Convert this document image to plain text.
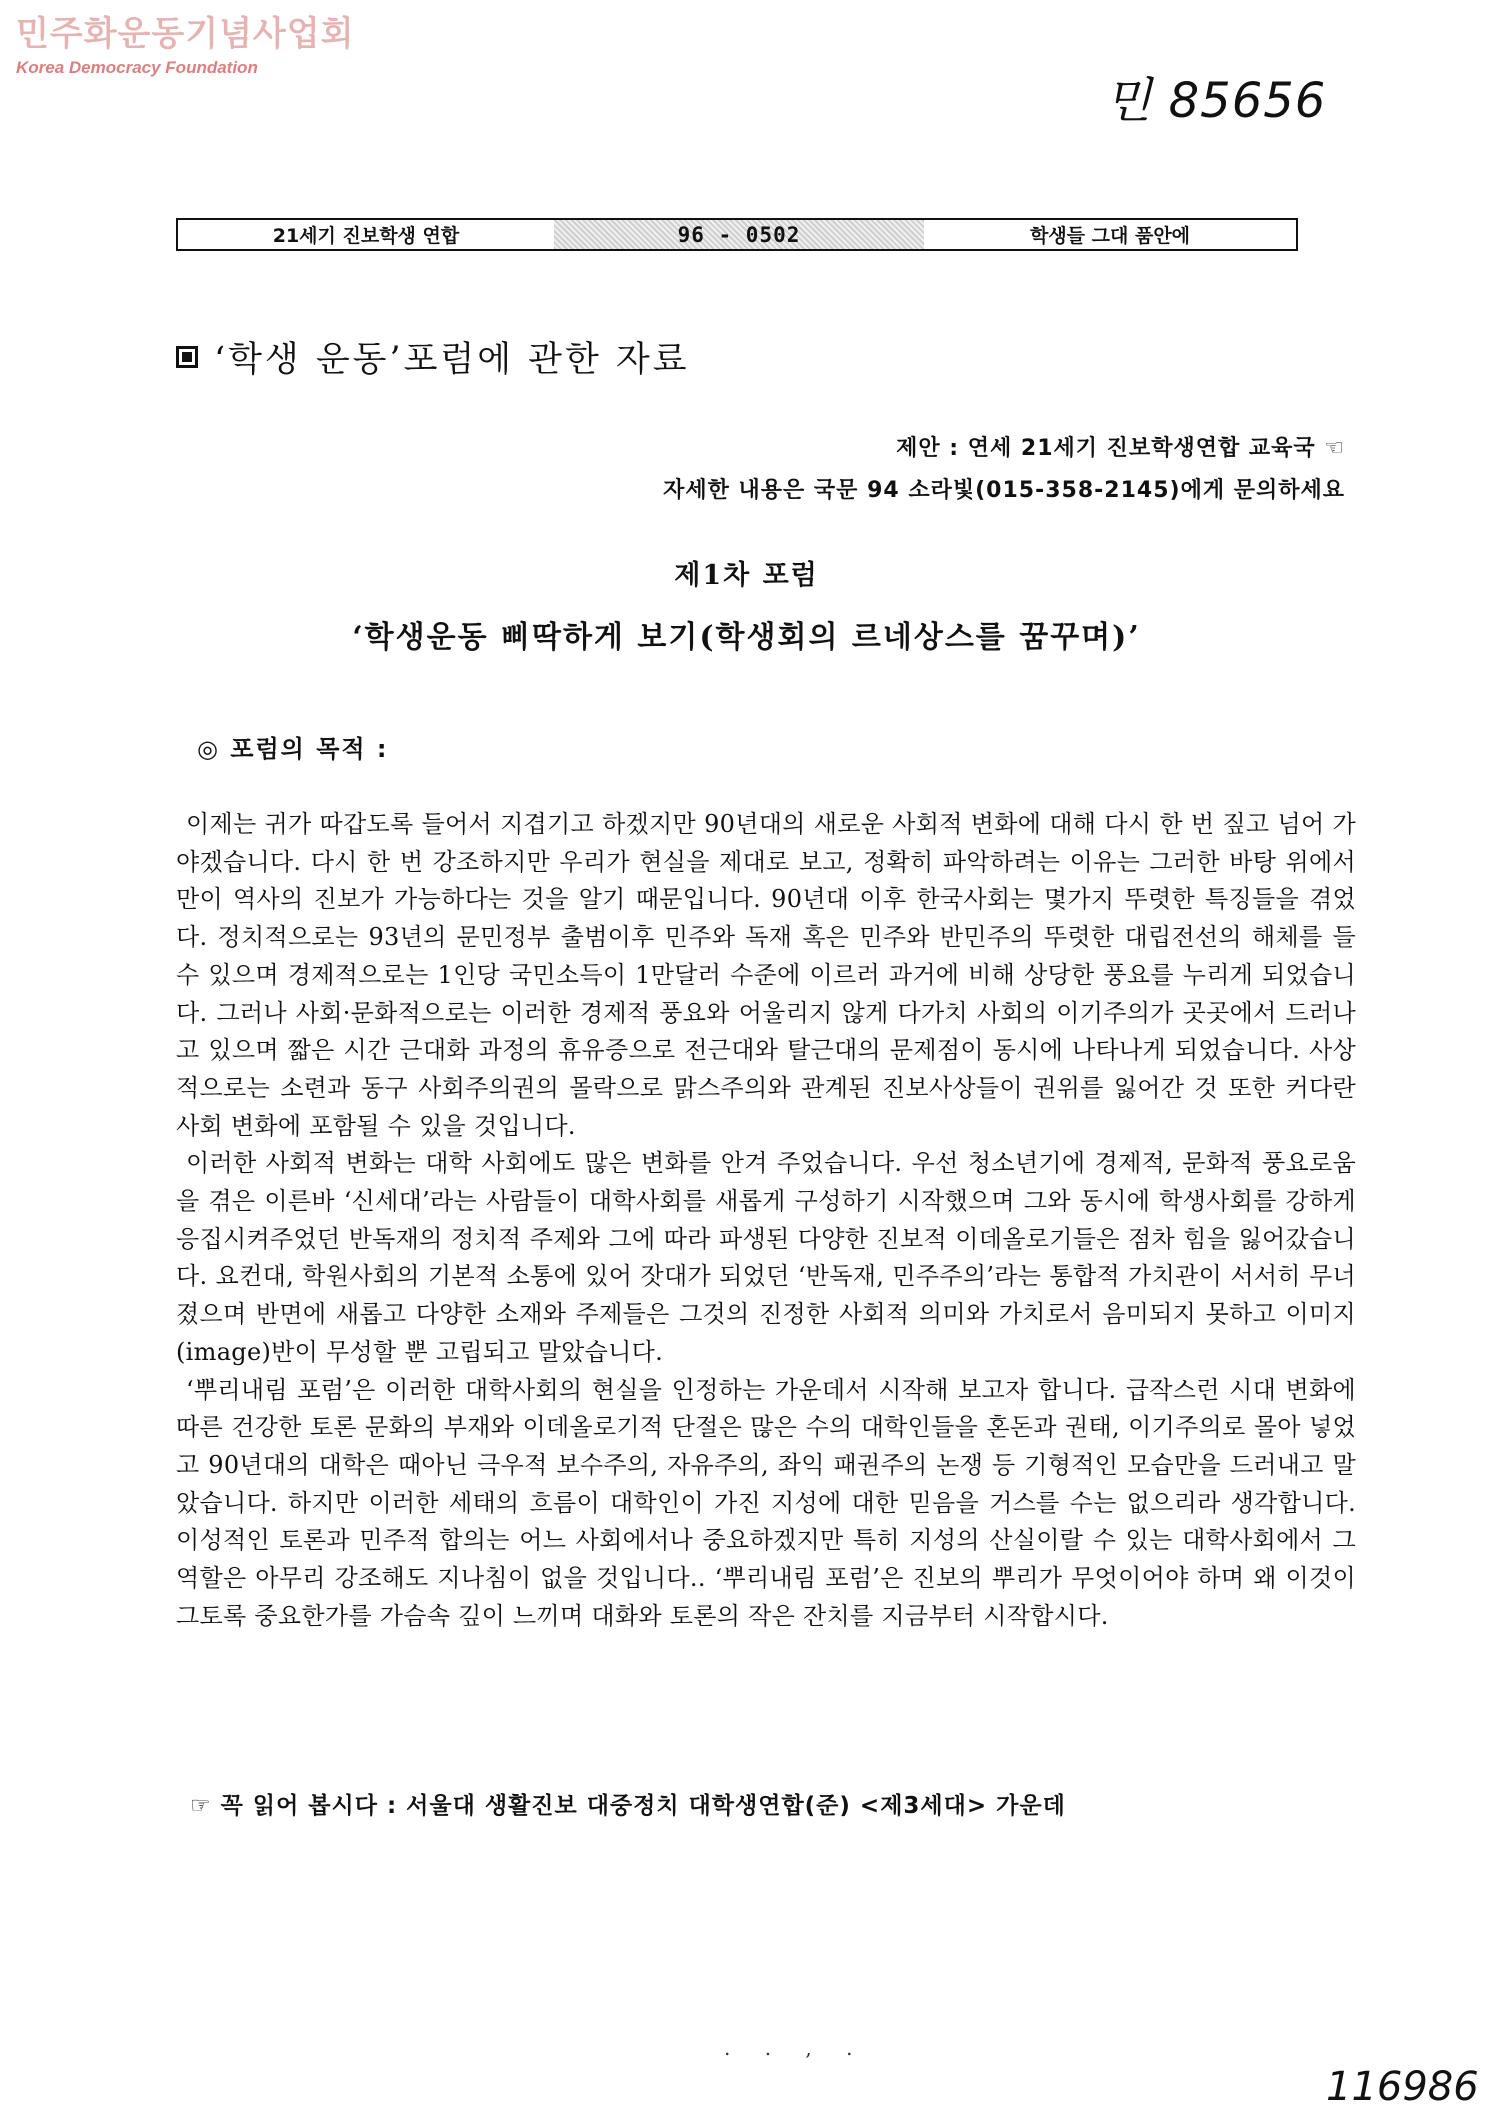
민주화운동기념사업회
Korea Democracy Foundation
민 85656
21세기 진보학생 연합	96 - 0502	학생들 그대 품안에
‘학생 운동’포럼에 관한 자료
제안 : 연세 21세기 진보학생연합 교육국 ☜
자세한 내용은 국문 94 소라빛(015-358-2145)에게 문의하세요
제1차 포럼
‘학생운동 삐딱하게 보기(학생회의 르네상스를 꿈꾸며)’
◎ 포럼의 목적 :

이제는 귀가 따갑도록 들어서 지겹기고 하겠지만 90년대의 새로운 사회적 변화에 대해 다시 한 번 짚고 넘어 가야겠습니다. 다시 한 번 강조하지만 우리가 현실을 제대로 보고, 정확히 파악하려는 이유는 그러한 바탕 위에서만이 역사의 진보가 가능하다는 것을 알기 때문입니다. 90년대 이후 한국사회는 몇가지 뚜렷한 특징들을 겪었다. 정치적으로는 93년의 문민정부 출범이후 민주와 독재 혹은 민주와 반민주의 뚜렷한 대립전선의 해체를 들 수 있으며 경제적으로는 1인당 국민소득이 1만달러 수준에 이르러 과거에 비해 상당한 풍요를 누리게 되었습니다. 그러나 사회·문화적으로는 이러한 경제적 풍요와 어울리지 않게 다가치 사회의 이기주의가 곳곳에서 드러나고 있으며 짧은 시간 근대화 과정의 휴유증으로 전근대와 탈근대의 문제점이 동시에 나타나게 되었습니다. 사상적으로는 소련과 동구 사회주의권의 몰락으로 맑스주의와 관계된 진보사상들이 권위를 잃어간 것 또한 커다란 사회 변화에 포함될 수 있을 것입니다.

이러한 사회적 변화는 대학 사회에도 많은 변화를 안겨 주었습니다. 우선 청소년기에 경제적, 문화적 풍요로움을 겪은 이른바 ‘신세대’라는 사람들이 대학사회를 새롭게 구성하기 시작했으며 그와 동시에 학생사회를 강하게 응집시켜주었던 반독재의 정치적 주제와 그에 따라 파생된 다양한 진보적 이데올로기들은 점차 힘을 잃어갔습니다. 요컨대, 학원사회의 기본적 소통에 있어 잣대가 되었던 ‘반독재, 민주주의’라는 통합적 가치관이 서서히 무너졌으며 반면에 새롭고 다양한 소재와 주제들은 그것의 진정한 사회적 의미와 가치로서 음미되지 못하고 이미지(image)반이 무성할 뿐 고립되고 말았습니다.

‘뿌리내림 포럼’은 이러한 대학사회의 현실을 인정하는 가운데서 시작해 보고자 합니다. 급작스런 시대 변화에 따른 건강한 토론 문화의 부재와 이데올로기적 단절은 많은 수의 대학인들을 혼돈과 권태, 이기주의로 몰아 넣었고 90년대의 대학은 때아닌 극우적 보수주의, 자유주의, 좌익 패권주의 논쟁 등 기형적인 모습만을 드러내고 말았습니다. 하지만 이러한 세태의 흐름이 대학인이 가진 지성에 대한 믿음을 거스를 수는 없으리라 생각합니다. 이성적인 토론과 민주적 합의는 어느 사회에서나 중요하겠지만 특히 지성의 산실이랄 수 있는 대학사회에서 그 역할은 아무리 강조해도 지나침이 없을 것입니다.. ‘뿌리내림 포럼’은 진보의 뿌리가 무엇이어야 하며 왜 이것이 그토록 중요한가를 가슴속 깊이 느끼며 대화와 토론의 작은 잔치를 지금부터 시작합시다.

☞ 꼭 읽어 봅시다 : 서울대 생활진보 대중정치 대학생연합(준) <제3세대> 가운데
. . , .
116986
